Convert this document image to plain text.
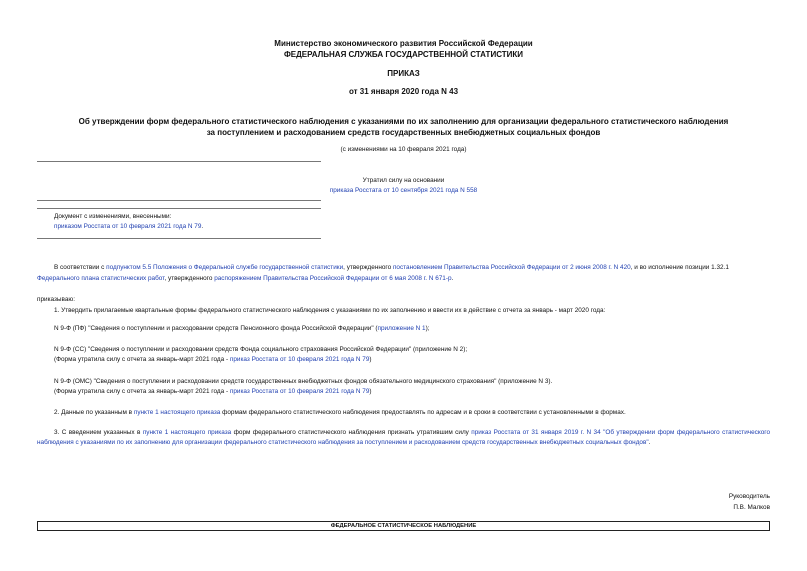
Министерство экономического развития Российской Федерации
ФЕДЕРАЛЬНАЯ СЛУЖБА ГОСУДАРСТВЕННОЙ СТАТИСТИКИ
ПРИКАЗ
от 31 января 2020 года N 43
Об утверждении форм федерального статистического наблюдения с указаниями по их заполнению для организации федерального статистического наблюдения
за поступлением и расходованием средств государственных внебюджетных социальных фондов
(с изменениями на 10 февраля 2021 года)
Утратил силу на основании
приказа Росстата от 10 сентября 2021 года N 558
Документ с изменениями, внесенными:
приказом Росстата от 10 февраля 2021 года N 79.

В соответствии с подпунктом 5.5 Положения о Федеральной службе государственной статистики, утвержденного постановлением Правительства Российской Федерации от 2 июня 2008 г. N 420, и во исполнение позиции 1.32.1 Федерального плана статистических работ, утвержденного распоряжением Правительства Российской Федерации от 6 мая 2008 г. N 671-р.

приказываю:

1. Утвердить прилагаемые квартальные формы федерального статистического наблюдения с указаниями по их заполнению и ввести их в действие с отчета за январь - март 2020 года:

N 9-Ф (ПФ) "Сведения о поступлении и расходовании средств Пенсионного фонда Российской Федерации" (приложение N 1);

N 9-Ф (СС) "Сведения о поступлении и расходовании средств Фонда социального страхования Российской Федерации" (приложение N 2);
(Форма утратила силу с отчета за январь-март 2021 года - приказ Росстата от 10 февраля 2021 года N 79)
N 9-Ф (ОМС) "Сведения о поступлении и расходовании средств государственных внебюджетных фондов обязательного медицинского страхования" (приложение N 3).
(Форма утратила силу с отчета за январь-март 2021 года - приказ Росстата от 10 февраля 2021 года N 79)

2. Данные по указанным в пункте 1 настоящего приказа формам федерального статистического наблюдения предоставлять по адресам и в сроки в соответствии с установленными в формах.

3. С введением указанных в пункте 1 настоящего приказа форм федерального статистического наблюдения признать утратившим силу приказ Росстата от 31 января 2019 г. N 34 "Об утверждении форм федерального статистического наблюдения с указаниями по их заполнению для организации федерального статистического наблюдения за поступлением и расходованием средств государственных внебюджетных социальных фондов".

Руководитель
П.В. Малков
ФЕДЕРАЛЬНОЕ СТАТИСТИЧЕСКОЕ НАБЛЮДЕНИЕ
